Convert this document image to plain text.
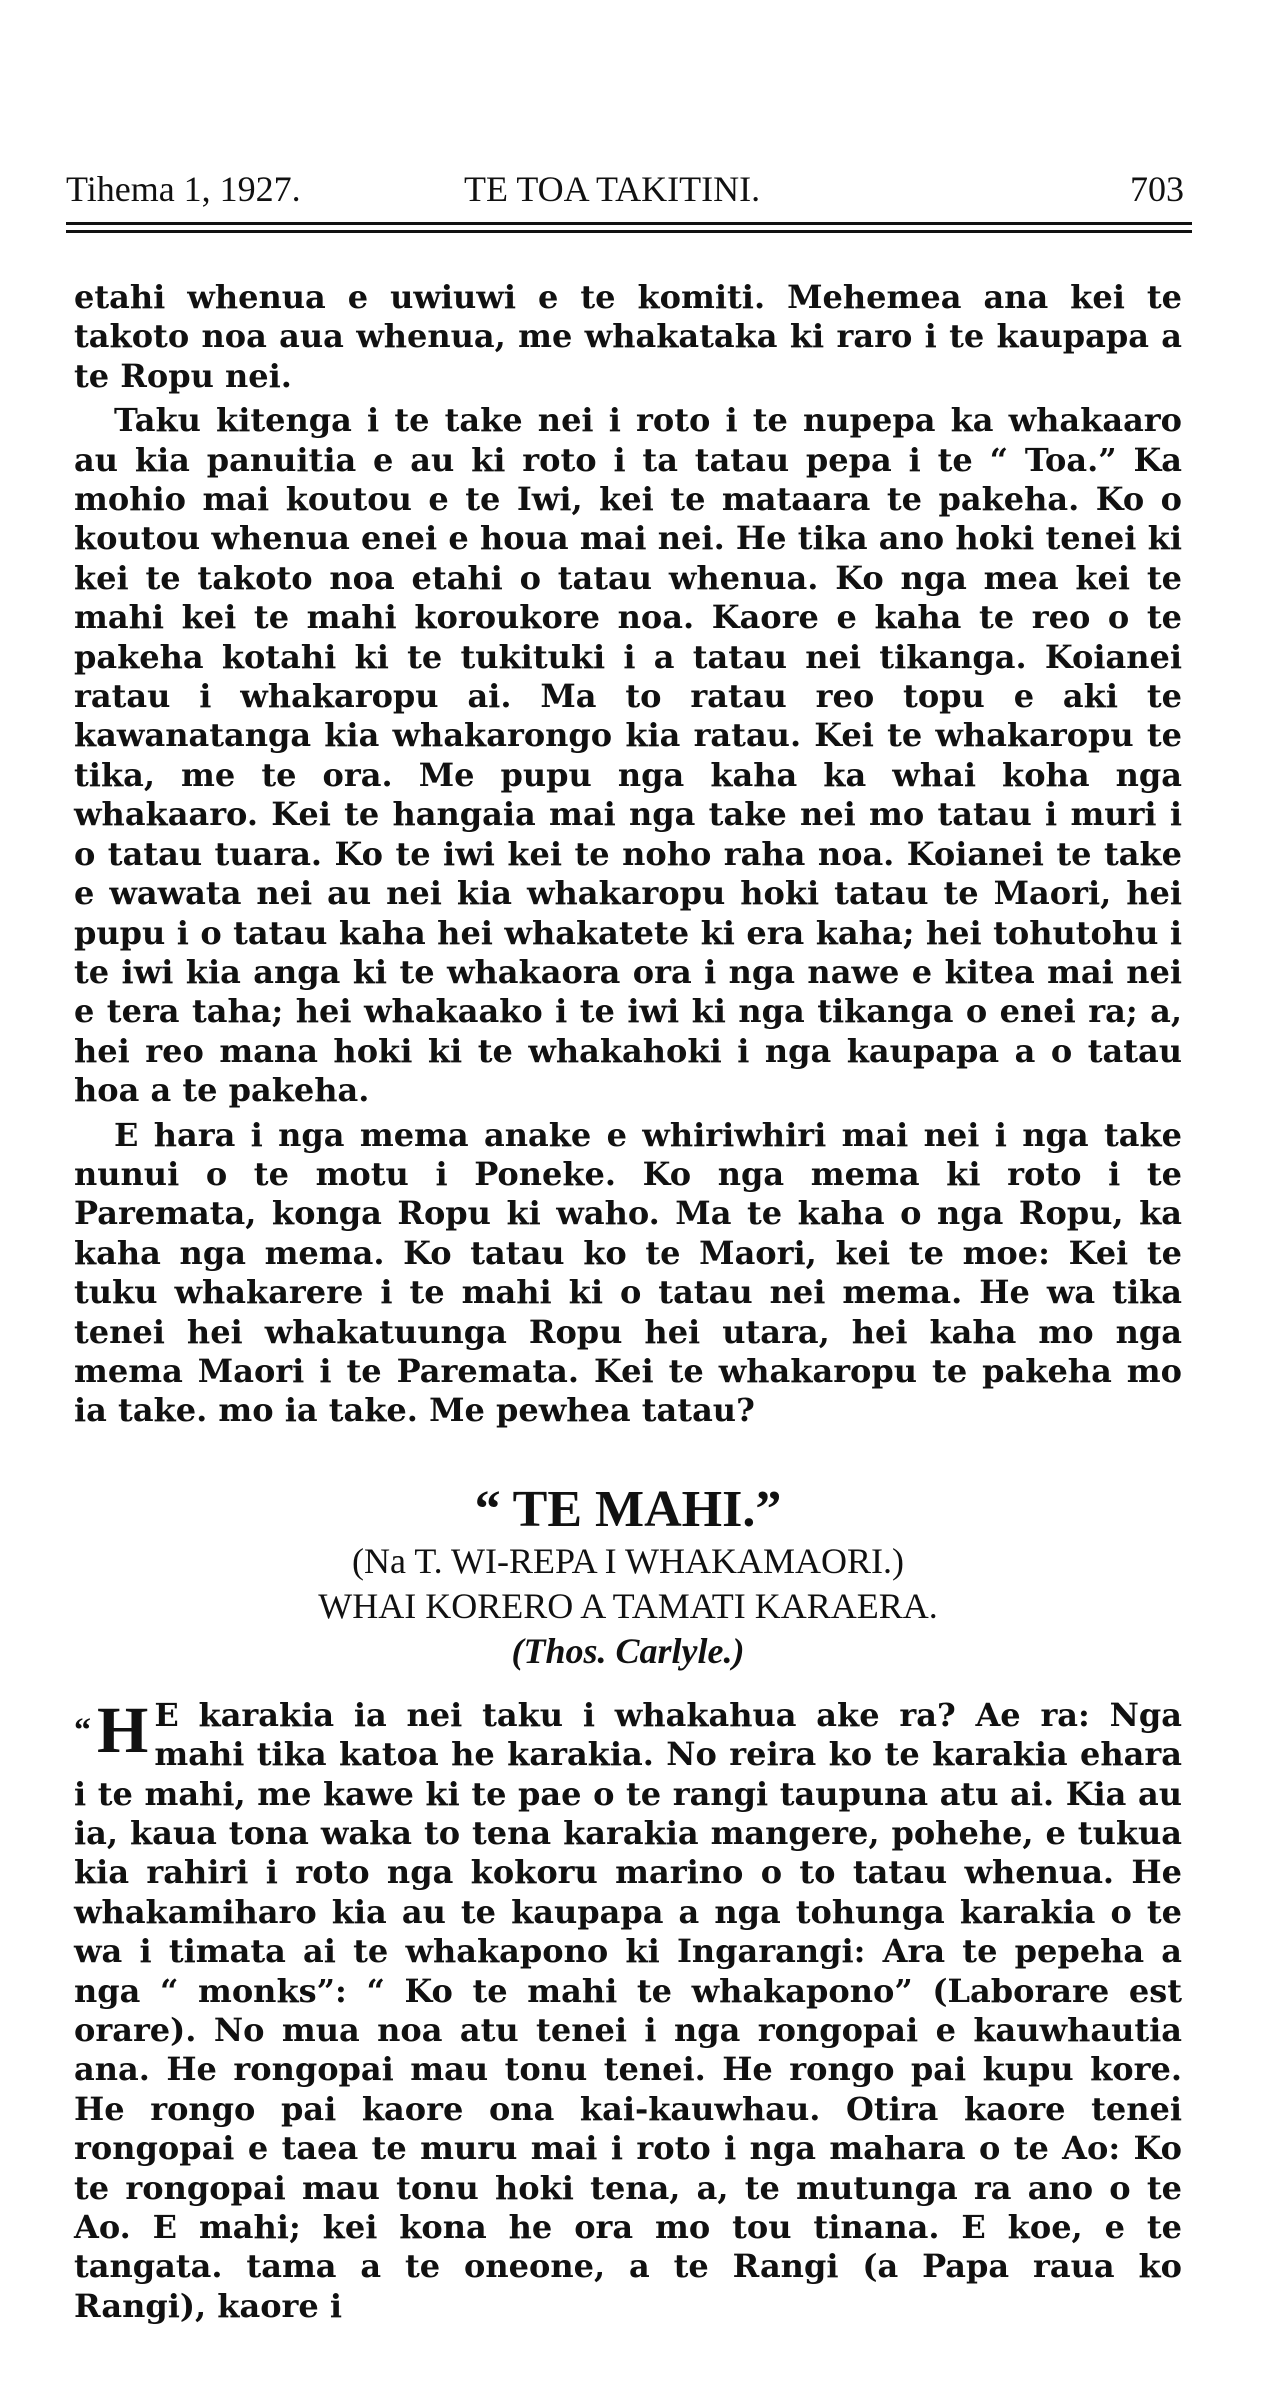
Tihema 1, 1927.	TE TOA TAKITINI.	703

etahi whenua e uwiuwi e te komiti. Mehemea ana kei te takoto noa aua whenua, me whakataka ki raro i te kaupapa a te Ropu nei.

Taku kitenga i te take nei i roto i te nupepa ka whakaaro au kia panuitia e au ki roto i ta tatau pepa i te “ Toa.” Ka mohio mai koutou e te Iwi, kei te mataara te pakeha. Ko o koutou whenua enei e houa mai nei. He tika ano hoki tenei ki kei te takoto noa etahi o tatau whenua. Ko nga mea kei te mahi kei te mahi koroukore noa. Kaore e kaha te reo o te pakeha kotahi ki te tukituki i a tatau nei tikanga. Koianei ratau i whakaropu ai. Ma to ratau reo topu e aki te kawanatanga kia whakarongo kia ratau. Kei te whakaropu te tika, me te ora. Me pupu nga kaha ka whai koha nga whakaaro. Kei te hangaia mai nga take nei mo tatau i muri i o tatau tuara. Ko te iwi kei te noho raha noa. Koianei te take e wawata nei au nei kia whakaropu hoki tatau te Maori, hei pupu i o tatau kaha hei whakatete ki era kaha; hei tohutohu i te iwi kia anga ki te whakaora ora i nga nawe e kitea mai nei e tera taha; hei whakaako i te iwi ki nga tikanga o enei ra; a, hei reo mana hoki ki te whakahoki i nga kaupapa a o tatau hoa a te pakeha.

E hara i nga mema anake e whiriwhiri mai nei i nga take nunui o te motu i Poneke. Ko nga mema ki roto i te Paremata, konga Ropu ki waho. Ma te kaha o nga Ropu, ka kaha nga mema. Ko tatau ko te Maori, kei te moe: Kei te tuku whakarere i te mahi ki o tatau nei mema. He wa tika tenei hei whakatuunga Ropu hei utara, hei kaha mo nga mema Maori i te Paremata. Kei te whakaropu te pakeha mo ia take. mo ia take. Me pewhea tatau?

“ TE MAHI.”
(Na T. WI-REPA I WHAKAMAORI.)
WHAI KORERO A TAMATI KARAERA.
(Thos. Carlyle.)

“H E karakia ia nei taku i whakahua ake ra? Ae ra: Nga mahi tika katoa he karakia. No reira ko te karakia ehara i te mahi, me kawe ki te pae o te rangi taupuna atu ai. Kia au ia, kaua tona waka to tena karakia mangere, pohehe, e tukua kia rahiri i roto nga kokoru marino o to tatau whenua. He whakamiharo kia au te kaupapa a nga tohunga karakia o te wa i timata ai te whakapono ki Ingarangi: Ara te pepeha a nga “ monks”: “ Ko te mahi te whakapono” (Laborare est orare). No mua noa atu tenei i nga rongopai e kauwhautia ana. He rongopai mau tonu tenei. He rongo pai kupu kore. He rongo pai kaore ona kai-kauwhau. Otira kaore tenei rongopai e taea te muru mai i roto i nga mahara o te Ao: Ko te rongopai mau tonu hoki tena, a, te mutunga ra ano o te Ao. E mahi; kei kona he ora mo tou tinana. E koe, e te tangata. tama a te oneone, a te Rangi (a Papa raua ko Rangi), kaore i
